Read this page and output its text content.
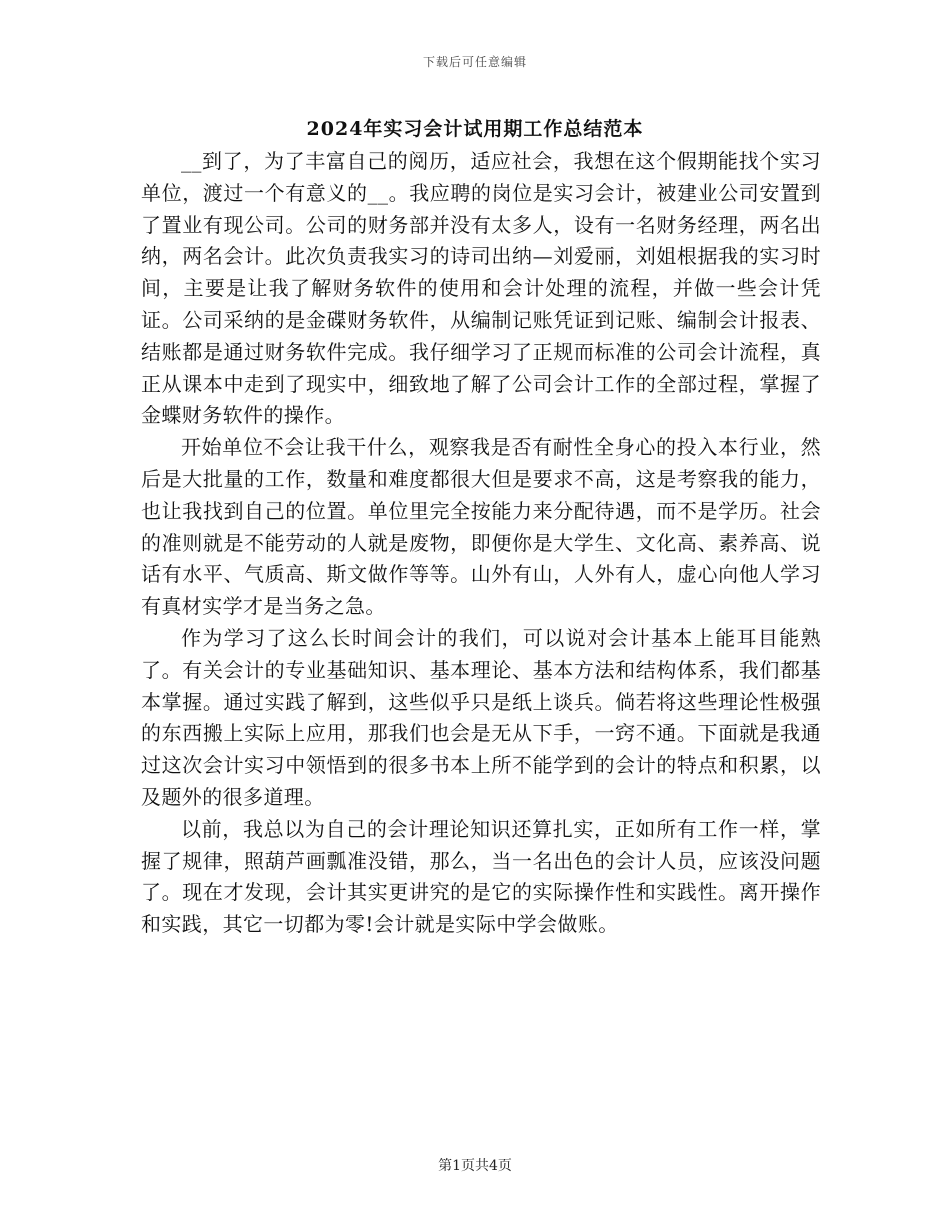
下载后可任意编辑
2024年实习会计试用期工作总结范本

__到了，为了丰富自己的阅历，适应社会，我想在这个假期能找个实习单位，渡过一个有意义的__。我应聘的岗位是实习会计，被建业公司安置到了置业有现公司。公司的财务部并没有太多人，设有一名财务经理，两名出纳，两名会计。此次负责我实习的诗司出纳—刘爱丽，刘姐根据我的实习时间，主要是让我了解财务软件的使用和会计处理的流程，并做一些会计凭证。公司采纳的是金碟财务软件，从编制记账凭证到记账、编制会计报表、结账都是通过财务软件完成。我仔细学习了正规而标准的公司会计流程，真正从课本中走到了现实中，细致地了解了公司会计工作的全部过程，掌握了金蝶财务软件的操作。

开始单位不会让我干什么，观察我是否有耐性全身心的投入本行业，然后是大批量的工作，数量和难度都很大但是要求不高，这是考察我的能力，也让我找到自己的位置。单位里完全按能力来分配待遇，而不是学历。社会的准则就是不能劳动的人就是废物，即便你是大学生、文化高、素养高、说话有水平、气质高、斯文做作等等。山外有山，人外有人，虚心向他人学习有真材实学才是当务之急。

作为学习了这么长时间会计的我们，可以说对会计基本上能耳目能熟了。有关会计的专业基础知识、基本理论、基本方法和结构体系，我们都基本掌握。通过实践了解到，这些似乎只是纸上谈兵。倘若将这些理论性极强的东西搬上实际上应用，那我们也会是无从下手，一窍不通。下面就是我通过这次会计实习中领悟到的很多书本上所不能学到的会计的特点和积累，以及题外的很多道理。

以前，我总以为自己的会计理论知识还算扎实，正如所有工作一样，掌握了规律，照葫芦画瓢准没错，那么，当一名出色的会计人员，应该没问题了。现在才发现，会计其实更讲究的是它的实际操作性和实践性。离开操作和实践，其它一切都为零!会计就是实际中学会做账。

第1页共4页
